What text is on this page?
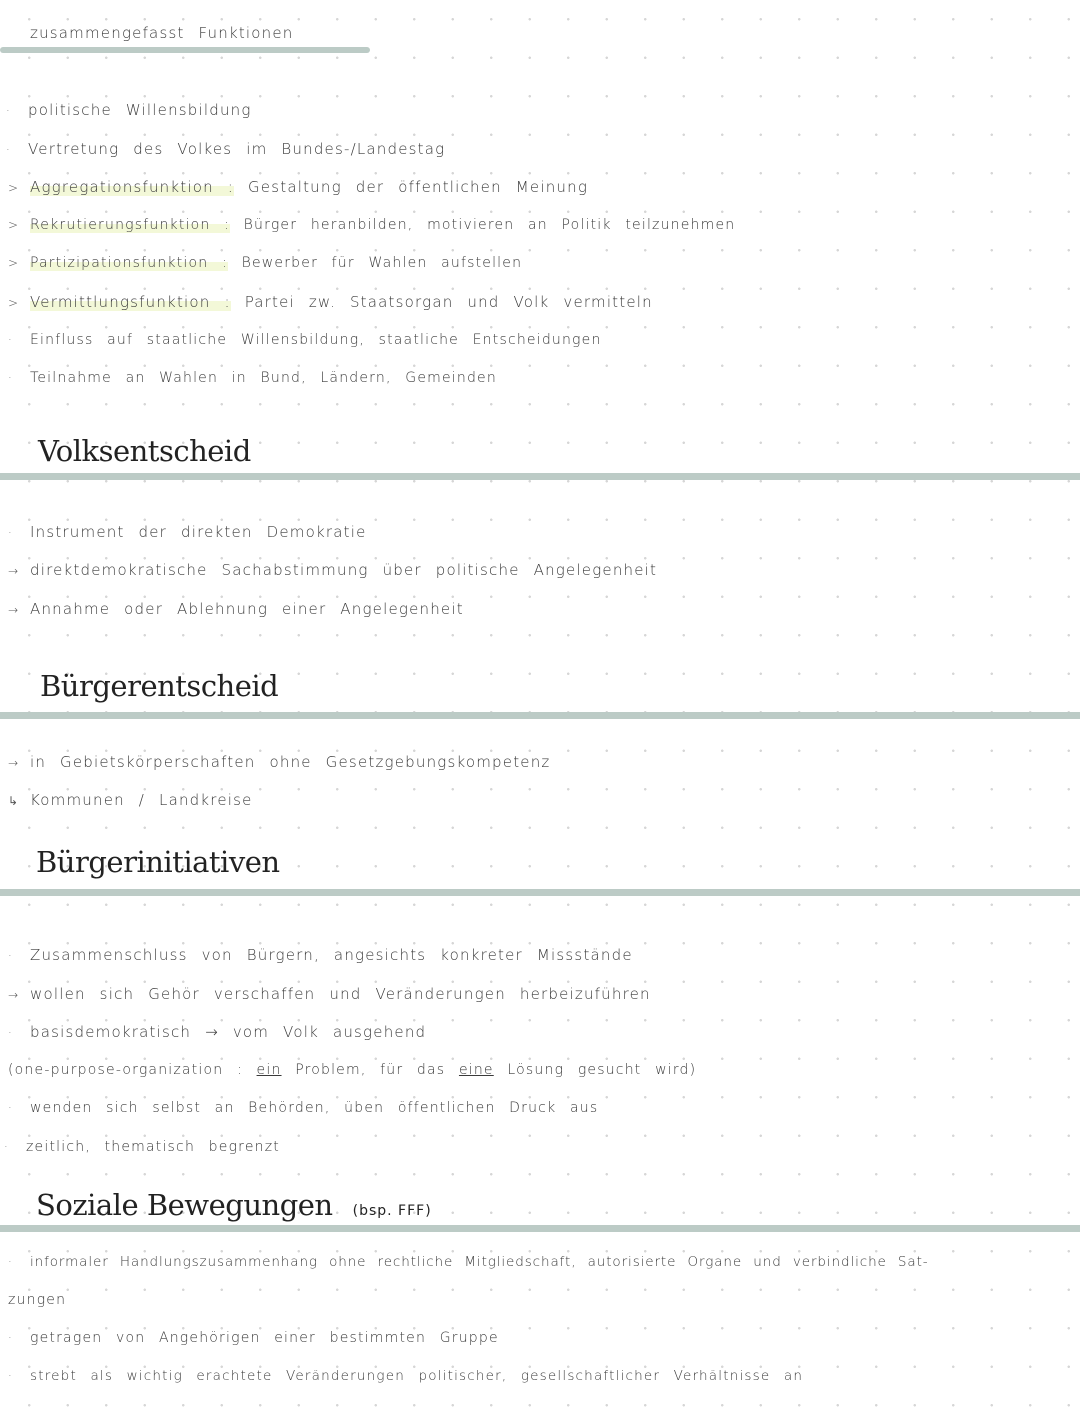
zusammengefasst Funktionen
· politische Willensbildung
· Vertretung des Volkes im Bundes-/Landestag
> Aggregationsfunktion : Gestaltung der öffentlichen Meinung
> Rekrutierungsfunktion : Bürger heranbilden, motivieren an Politik teilzunehmen
> Partizipationsfunktion : Bewerber für Wahlen aufstellen
> Vermittlungsfunktion : Partei zw. Staatsorgan und Volk vermitteln
· Einfluss auf staatliche Willensbildung, staatliche Entscheidungen
· Teilnahme an Wahlen in Bund, Ländern, Gemeinden
Volksentscheid
· Instrument der direkten Demokratie
→ direktdemokratische Sachabstimmung über politische Angelegenheit
→ Annahme oder Ablehnung einer Angelegenheit
Bürgerentscheid
→ in Gebietskörperschaften ohne Gesetzgebungskompetenz
↳ Kommunen / Landkreise
Bürgerinitiativen
· Zusammenschluss von Bürgern, angesichts konkreter Missstände
→ wollen sich Gehör verschaffen und Veränderungen herbeizuführen
· basisdemokratisch → vom Volk ausgehend
(one-purpose-organization : ein Problem, für das eine Lösung gesucht wird)
· wenden sich selbst an Behörden, üben öffentlichen Druck aus
· zeitlich, thematisch begrenzt
Soziale Bewegungen (bsp. FFF)
· informaler Handlungszusammenhang ohne rechtliche Mitgliedschaft, autorisierte Organe und verbindliche Sat-
zungen
· getragen von Angehörigen einer bestimmten Gruppe
· strebt als wichtig erachtete Veränderungen politischer, gesellschaftlicher Verhältnisse an
